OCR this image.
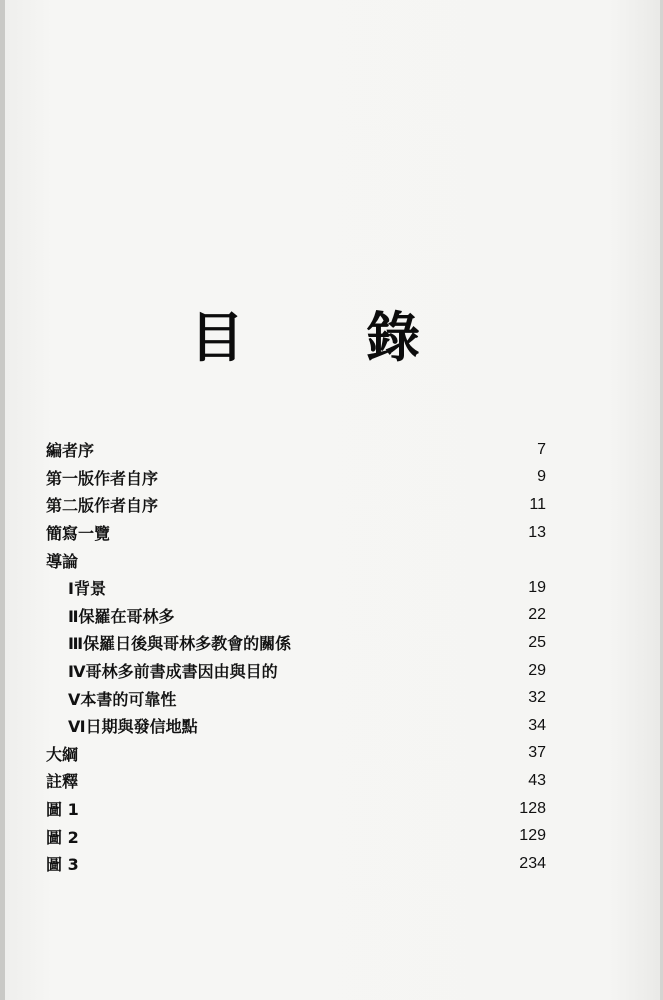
目 錄
編者序	7
第一版作者自序	9
第二版作者自序	11
簡寫一覽	13
導論
Ⅰ背景	19
Ⅱ保羅在哥林多	22
Ⅲ保羅日後與哥林多教會的關係	25
Ⅳ哥林多前書成書因由與目的	29
Ⅴ本書的可靠性	32
Ⅵ日期與發信地點	34
大綱	37
註釋	43
圖 1	128
圖 2	129
圖 3	234
